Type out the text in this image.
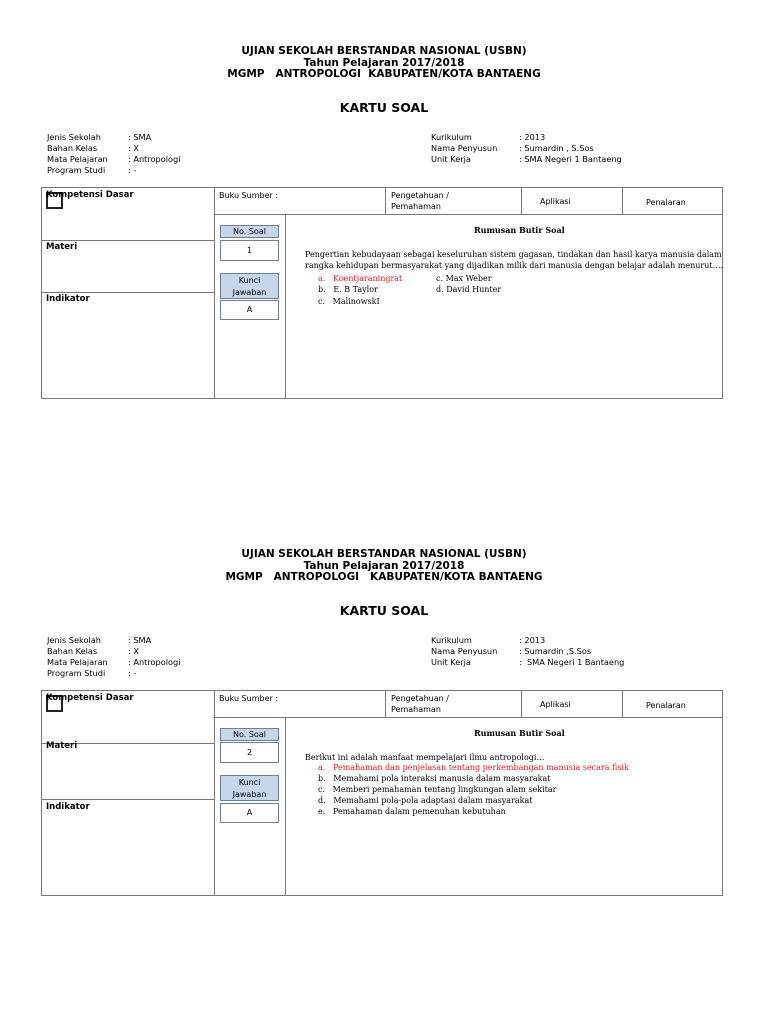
UJIAN SEKOLAH BERSTANDAR NASIONAL (USBN)
Tahun Pelajaran 2017/2018
MGMP   ANTROPOLOGI  KABUPATEN/KOTA BANTAENG
KARTU SOAL
Jenis Sekolah	: SMA
Bahan Kelas	: X
Mata Pelajaran	: Antropologi
Program Studi	: -
Kurikulum	: 2013
Nama Penyusun	: Sumardin , S.Sos
Unit Kerja	: SMA Negeri 1 Bantaeng
Kompetensi Dasar
Materi
Indikator
Buku Sumber :	Pengetahuan /
Pemahaman
Aplikasi	Penalaran
No. Soal
1
Kunci
Jawaban
A
Rumusan Butir Soal
Pengertian kebudayaan sebagai keseluruhan sistem gagasan, tindakan dan hasil karya manusia dalam
rangka kehidupan bermasyarakat yang dijadikan milik dari manusia dengan belajar adalah menurut….
a. Koentjaraningrat	c. Max Weber
b. E. B Taylor	d. David Hunter
c. MalinowskI
UJIAN SEKOLAH BERSTANDAR NASIONAL (USBN)
Tahun Pelajaran 2017/2018
MGMP   ANTROPOLOGI   KABUPATEN/KOTA BANTAENG
KARTU SOAL
Jenis Sekolah	: SMA
Bahan Kelas	: X
Mata Pelajaran	: Antropologi
Program Studi	: -
Kurikulum	: 2013
Nama Penyusun	: Sumardin ,S.Sos
Unit Kerja	:  SMA Negeri 1 Bantaeng
Kompetensi Dasar
Materi
Indikator
Buku Sumber :	Pengetahuan /
Pemahaman
Aplikasi	Penalaran
No. Soal
2
Kunci
Jawaban
A
Rumusan Butir Soal
Berikut ini adalah manfaat mempelajari ilmu antropologi…
a. Pemahaman dan penjelasan tentang perkembangan manusia secara fisik
b. Memahami pola interaksi manusia dalam masyarakat
c. Memberi pemahaman tentang lingkungan alam sekitar
d. Memahami pola-pola adaptasi dalam masyarakat
e. Pemahaman dalam pemenuhan kebutuhan
